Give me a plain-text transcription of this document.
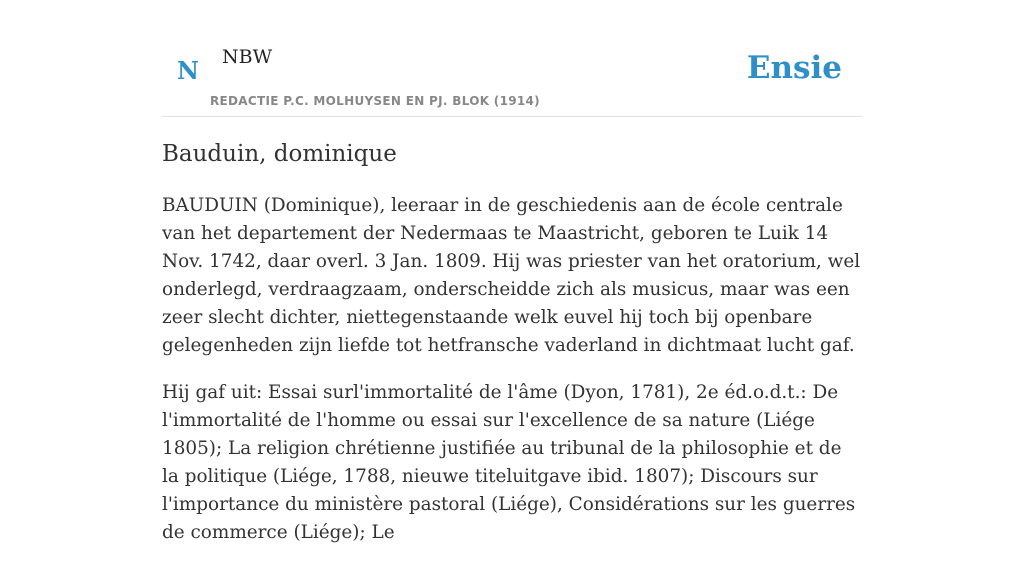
N NBW
REDACTIE P.C. MOLHUYSEN EN PJ. BLOK (1914)
Ensie
Bauduin, dominique

BAUDUIN (Dominique), leeraar in de geschiedenis aan de école centrale van het departement der Nedermaas te Maastricht, geboren te Luik 14 Nov. 1742, daar overl. 3 Jan. 1809. Hij was priester van het oratorium, wel onderlegd, verdraagzaam, onderscheidde zich als musicus, maar was een zeer slecht dichter, niettegenstaande welk euvel hij toch bij openbare gelegenheden zijn liefde tot hetfransche vaderland in dichtmaat lucht gaf.

Hij gaf uit: Essai surl'immortalité de l'âme (Dyon, 1781), 2e éd.o.d.t.: De l'immortalité de l'homme ou essai sur l'excellence de sa nature (Liége 1805); La religion chrétienne justifiée au tribunal de la philosophie et de la politique (Liége, 1788, nieuwe titeluitgave ibid. 1807); Discours sur l'importance du ministère pastoral (Liége), Considérations sur les guerres de commerce (Liége); Le
